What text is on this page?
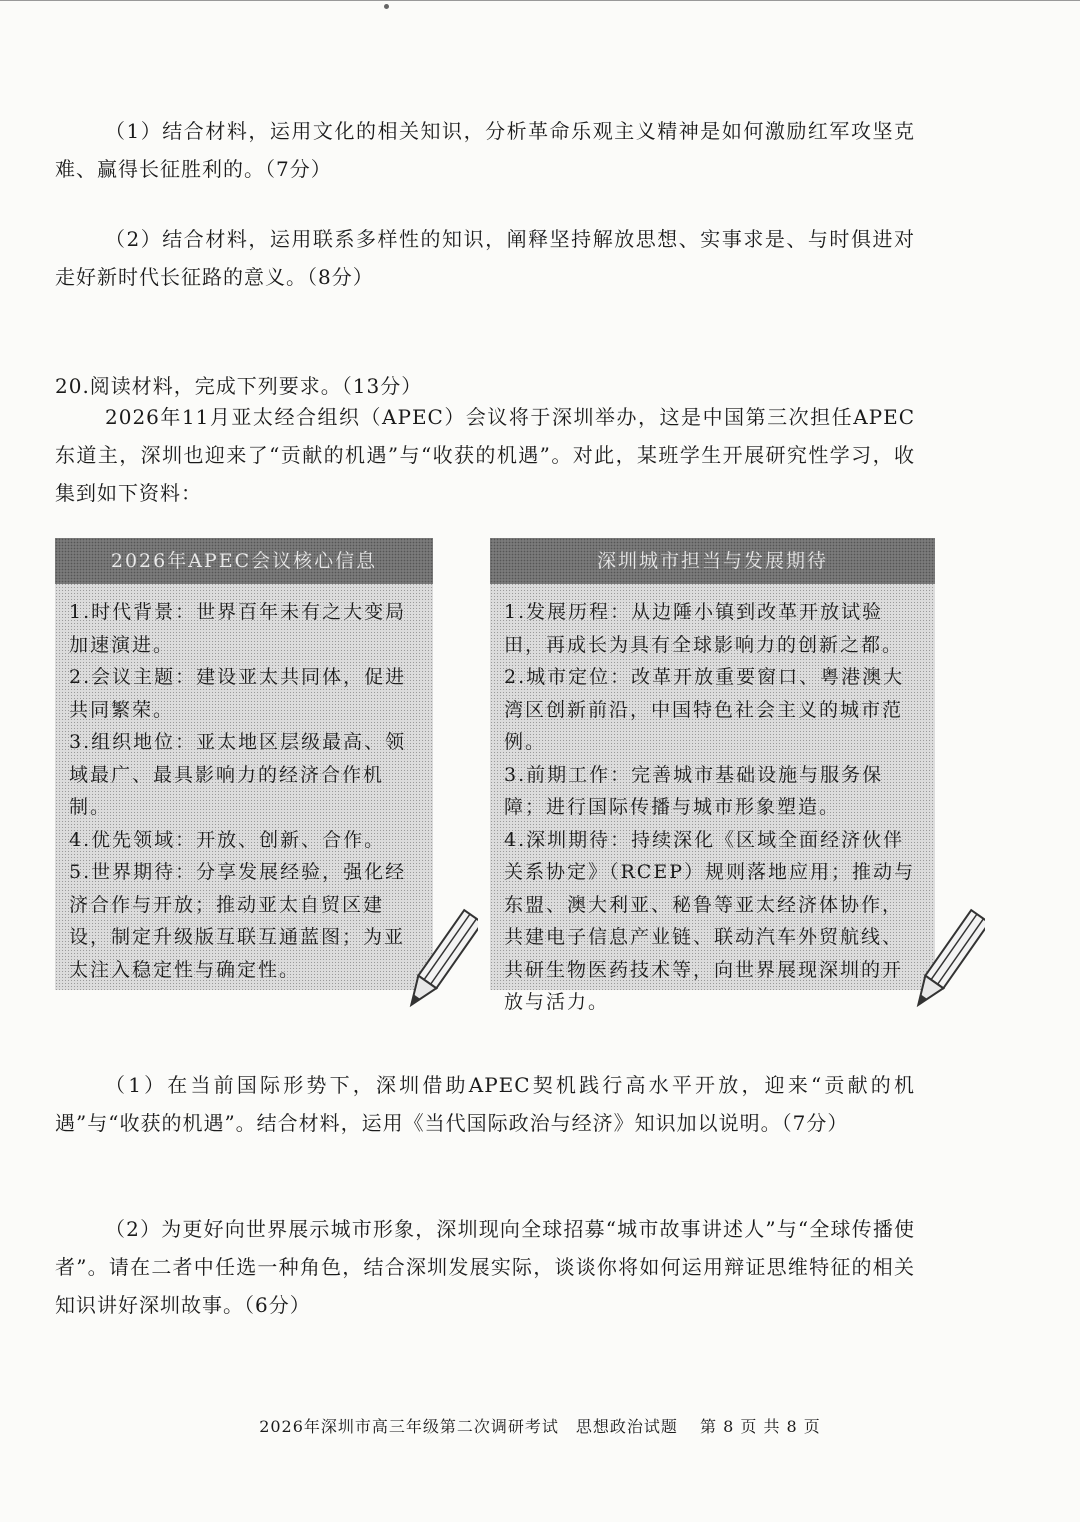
（1）结合材料，运用文化的相关知识，分析革命乐观主义精神是如何激励红军攻坚克难、赢得长征胜利的。（7分）
（2）结合材料，运用联系多样性的知识，阐释坚持解放思想、实事求是、与时俱进对走好新时代长征路的意义。（8分）
20.阅读材料，完成下列要求。（13分）
2026年11月亚太经合组织（APEC）会议将于深圳举办，这是中国第三次担任APEC东道主，深圳也迎来了“贡献的机遇”与“收获的机遇”。对此，某班学生开展研究性学习，收集到如下资料：
2026年APEC会议核心信息
1.时代背景：世界百年未有之大变局加速演进。
2.会议主题：建设亚太共同体，促进共同繁荣。
3.组织地位：亚太地区层级最高、领域最广、最具影响力的经济合作机制。
4.优先领域：开放、创新、合作。
5.世界期待：分享发展经验，强化经济合作与开放；推动亚太自贸区建设，制定升级版互联互通蓝图；为亚太注入稳定性与确定性。
深圳城市担当与发展期待
1.发展历程：从边陲小镇到改革开放试验田，再成长为具有全球影响力的创新之都。
2.城市定位：改革开放重要窗口、粤港澳大湾区创新前沿，中国特色社会主义的城市范例。
3.前期工作：完善城市基础设施与服务保障；进行国际传播与城市形象塑造。
4.深圳期待：持续深化《区域全面经济伙伴关系协定》（RCEP）规则落地应用；推动与东盟、澳大利亚、秘鲁等亚太经济体协作，共建电子信息产业链、联动汽车外贸航线、共研生物医药技术等，向世界展现深圳的开放与活力。
（1）在当前国际形势下，深圳借助APEC契机践行高水平开放，迎来“贡献的机遇”与“收获的机遇”。结合材料，运用《当代国际政治与经济》知识加以说明。（7分）
（2）为更好向世界展示城市形象，深圳现向全球招募“城市故事讲述人”与“全球传播使者”。请在二者中任选一种角色，结合深圳发展实际，谈谈你将如何运用辩证思维特征的相关知识讲好深圳故事。（6分）
2026年深圳市高三年级第二次调研考试　思想政治试题 第 8 页 共 8 页
